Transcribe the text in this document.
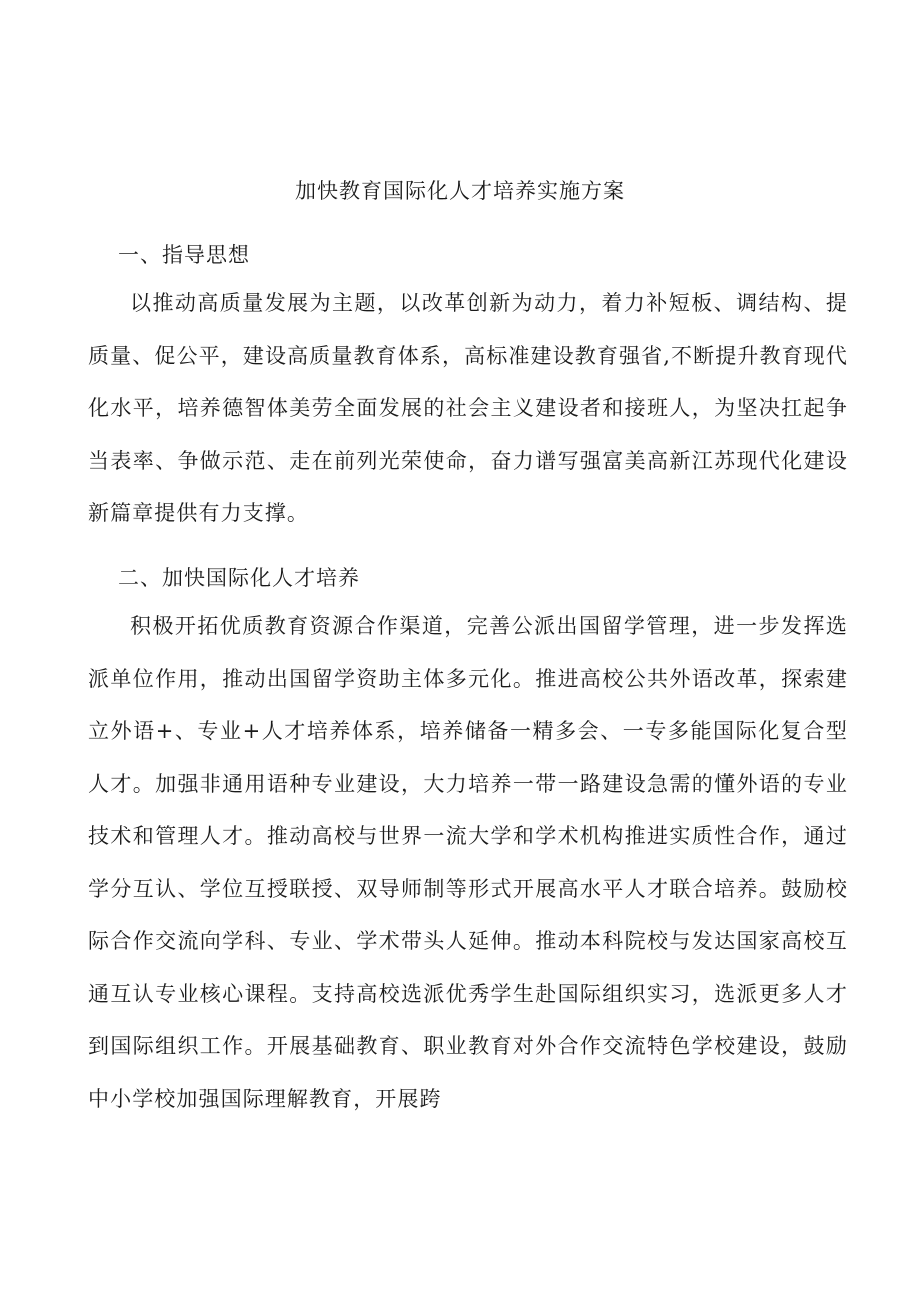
加快教育国际化人才培养实施方案
一、指导思想

以推动高质量发展为主题，以改革创新为动力，着力补短板、调结构、提质量、促公平，建设高质量教育体系，高标准建设教育强省,不断提升教育现代化水平，培养德智体美劳全面发展的社会主义建设者和接班人，为坚决扛起争当表率、争做示范、走在前列光荣使命，奋力谱写强富美高新江苏现代化建设新篇章提供有力支撑。

二、加快国际化人才培养

积极开拓优质教育资源合作渠道，完善公派出国留学管理，进一步发挥选派单位作用，推动出国留学资助主体多元化。推进高校公共外语改革，探索建立外语+、专业+人才培养体系，培养储备一精多会、一专多能国际化复合型人才。加强非通用语种专业建设，大力培养一带一路建设急需的懂外语的专业技术和管理人才。推动高校与世界一流大学和学术机构推进实质性合作，通过学分互认、学位互授联授、双导师制等形式开展高水平人才联合培养。鼓励校际合作交流向学科、专业、学术带头人延伸。推动本科院校与发达国家高校互通互认专业核心课程。支持高校选派优秀学生赴国际组织实习，选派更多人才到国际组织工作。开展基础教育、职业教育对外合作交流特色学校建设，鼓励中小学校加强国际理解教育，开展跨
